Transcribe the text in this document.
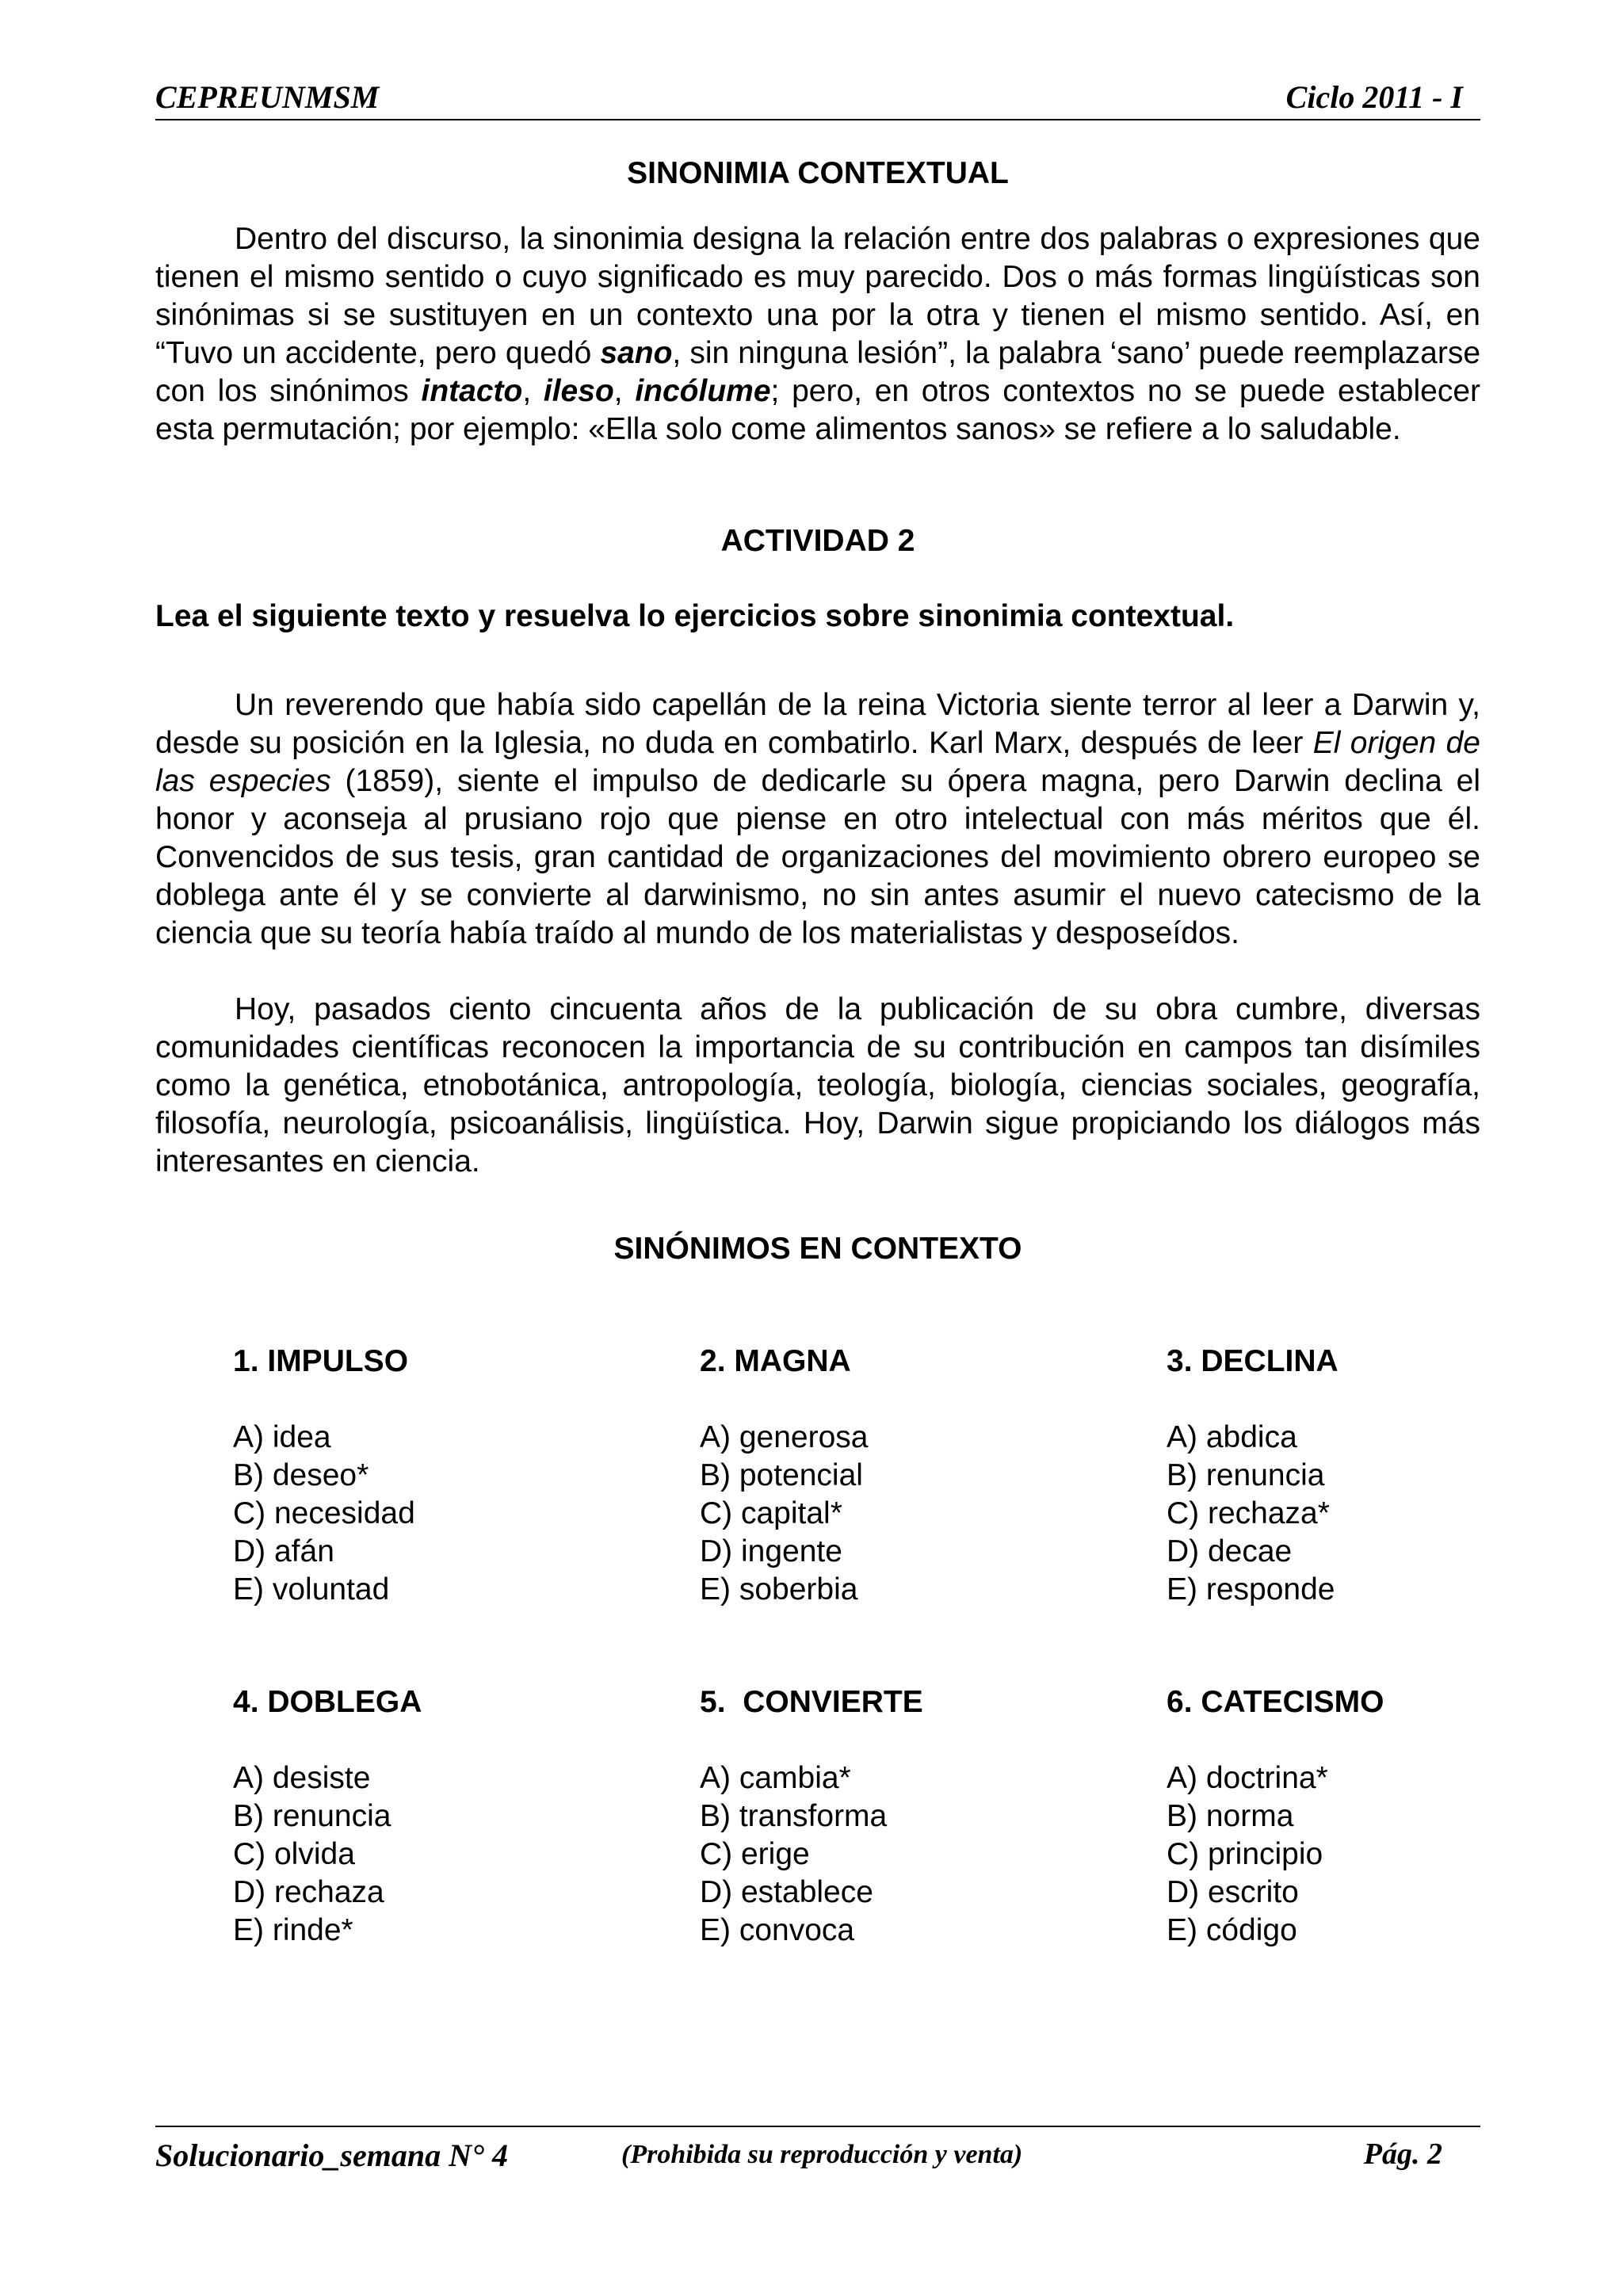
CEPREUNMSM	Ciclo 2011 - I
SINONIMIA CONTEXTUAL

Dentro del discurso, la sinonimia designa la relación entre dos palabras o expresiones que tienen el mismo sentido o cuyo significado es muy parecido. Dos o más formas lingüísticas son sinónimas si se sustituyen en un contexto una por la otra y tienen el mismo sentido. Así, en “Tuvo un accidente, pero quedó sano, sin ninguna lesión”, la palabra ‘sano’ puede reemplazarse con los sinónimos intacto, ileso, incólume; pero, en otros contextos no se puede establecer esta permutación; por ejemplo: «Ella solo come alimentos sanos» se refiere a lo saludable.

ACTIVIDAD 2
Lea el siguiente texto y resuelva lo ejercicios sobre sinonimia contextual.

Un reverendo que había sido capellán de la reina Victoria siente terror al leer a Darwin y, desde su posición en la Iglesia, no duda en combatirlo. Karl Marx, después de leer El origen de las especies (1859), siente el impulso de dedicarle su ópera magna, pero Darwin declina el honor y aconseja al prusiano rojo que piense en otro intelectual con más méritos que él. Convencidos de sus tesis, gran cantidad de organizaciones del movimiento obrero europeo se doblega ante él y se convierte al darwinismo, no sin antes asumir el nuevo catecismo de la ciencia que su teoría había traído al mundo de los materialistas y desposeídos.

Hoy, pasados ciento cincuenta años de la publicación de su obra cumbre, diversas comunidades científicas reconocen la importancia de su contribución en campos tan disímiles como la genética, etnobotánica, antropología, teología, biología, ciencias sociales, geografía, filosofía, neurología, psicoanálisis, lingüística. Hoy, Darwin sigue propiciando los diálogos más interesantes en ciencia.

SINÓNIMOS EN CONTEXTO
1. IMPULSO
A) idea
B) deseo*
C) necesidad
D) afán
E) voluntad
2. MAGNA
A) generosa
B) potencial
C) capital*
D) ingente
E) soberbia
3. DECLINA
A) abdica
B) renuncia
C) rechaza*
D) decae
E) responde
4. DOBLEGA
A) desiste
B) renuncia
C) olvida
D) rechaza
E) rinde*
5.  CONVIERTE
A) cambia*
B) transforma
C) erige
D) establece
E) convoca
6. CATECISMO
A) doctrina*
B) norma
C) principio
D) escrito
E) código
Solucionario_semana N° 4	(Prohibida su reproducción y venta)	Pág. 2
